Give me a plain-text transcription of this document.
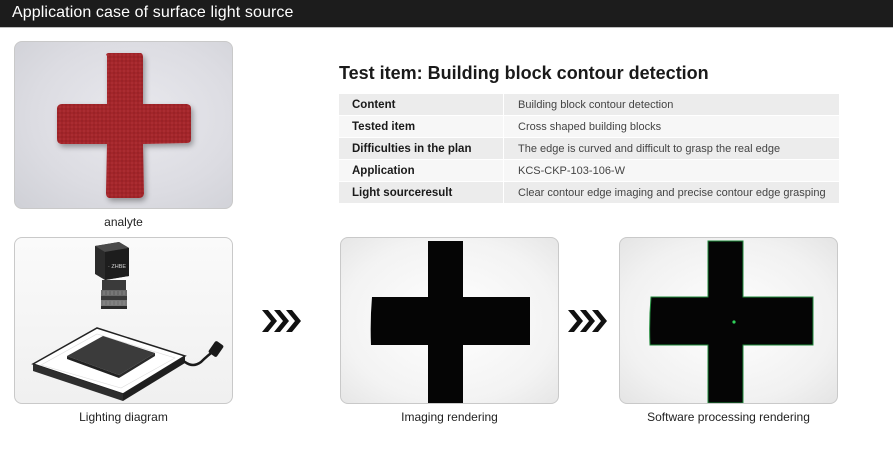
Application case of surface light source
analyte
Test item: Building block contour detection
Content	Building block contour detection
Tested item	Cross shaped building blocks
Difficulties in the plan	The edge is curved and difficult to grasp the real edge
Application	KCS-CKP-103-106-W
Light sourceresult	Clear contour edge imaging and precise contour edge grasping
· ZHBE
Lighting diagram	Imaging rendering	Software processing rendering
